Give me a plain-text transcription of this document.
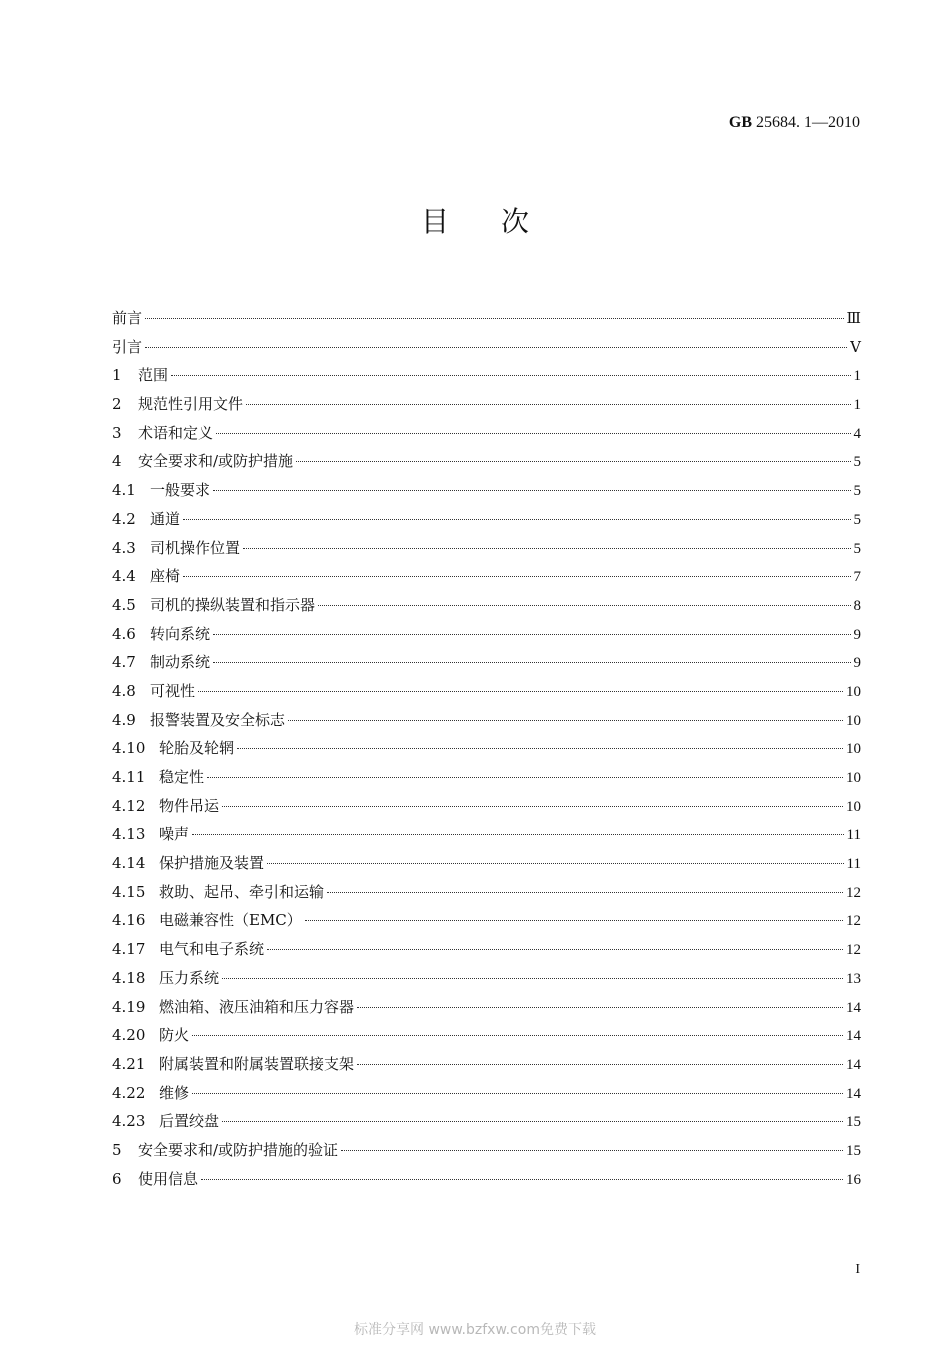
GB 25684. 1—2010
目次
前言	Ⅲ
引言	Ⅴ
1	范围	1
2	规范性引用文件	1
3	术语和定义	4
4	安全要求和/或防护措施	5
4.1 一般要求	5
4.2 通道	5
4.3 司机操作位置	5
4.4 座椅	7
4.5 司机的操纵装置和指示器	8
4.6 转向系统	9
4.7 制动系统	9
4.8 可视性	10
4.9 报警装置及安全标志	10
4.10 轮胎及轮辋	10
4.11 稳定性	10
4.12 物件吊运	10
4.13 噪声	11
4.14 保护措施及装置	11
4.15 救助、起吊、牵引和运输	12
4.16 电磁兼容性（EMC）	12
4.17 电气和电子系统	12
4.18 压力系统	13
4.19 燃油箱、液压油箱和压力容器	14
4.20 防火	14
4.21 附属装置和附属装置联接支架	14
4.22 维修	14
4.23 后置绞盘	15
5	安全要求和/或防护措施的验证	15
6	使用信息	16
I
标准分享网 www.bzfxw.com免费下载
